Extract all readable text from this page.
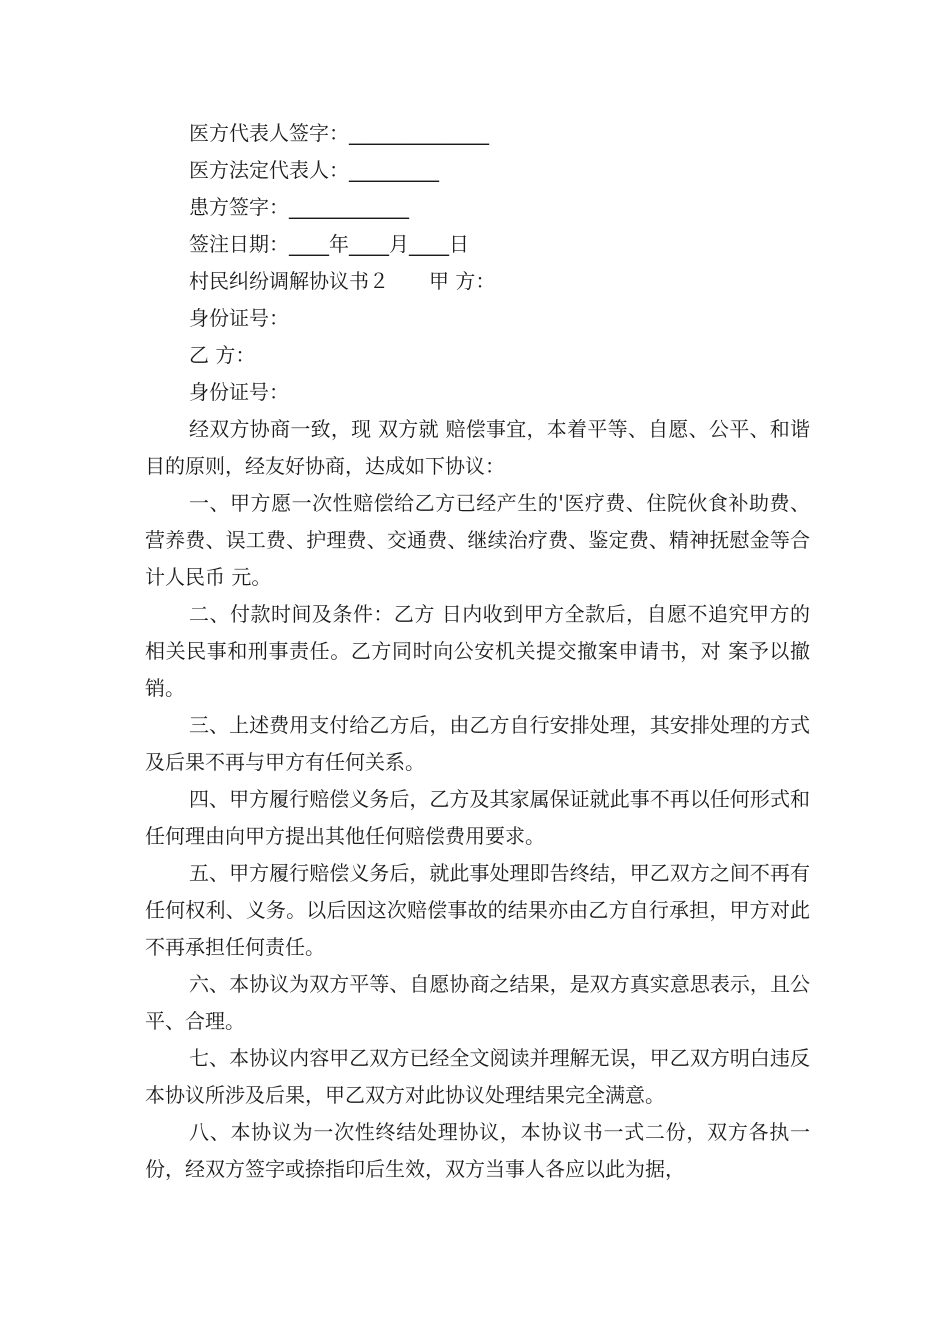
医方代表人签字：______________
医方法定代表人：_________
患方签字：____________
签注日期：____年____月____日
村民纠纷调解协议书２　　甲 方：
身份证号：
乙 方：
身份证号：

经双方协商一致，现 双方就 赔偿事宜，本着平等、自愿、公平、和谐目的原则，经友好协商，达成如下协议：

一、甲方愿一次性赔偿给乙方已经产生的'医疗费、住院伙食补助费、营养费、误工费、护理费、交通费、继续治疗费、鉴定费、精神抚慰金等合计人民币 元。

二、付款时间及条件：乙方 日内收到甲方全款后，自愿不追究甲方的相关民事和刑事责任。乙方同时向公安机关提交撤案申请书，对 案予以撤销。

三、上述费用支付给乙方后，由乙方自行安排处理，其安排处理的方式及后果不再与甲方有任何关系。

四、甲方履行赔偿义务后，乙方及其家属保证就此事不再以任何形式和任何理由向甲方提出其他任何赔偿费用要求。

五、甲方履行赔偿义务后，就此事处理即告终结，甲乙双方之间不再有任何权利、义务。以后因这次赔偿事故的结果亦由乙方自行承担，甲方对此不再承担任何责任。

六、本协议为双方平等、自愿协商之结果，是双方真实意思表示，且公平、合理。

七、本协议内容甲乙双方已经全文阅读并理解无误，甲乙双方明白违反本协议所涉及后果，甲乙双方对此协议处理结果完全满意。

八、本协议为一次性终结处理协议，本协议书一式二份，双方各执一份，经双方签字或捺指印后生效，双方当事人各应以此为据，
